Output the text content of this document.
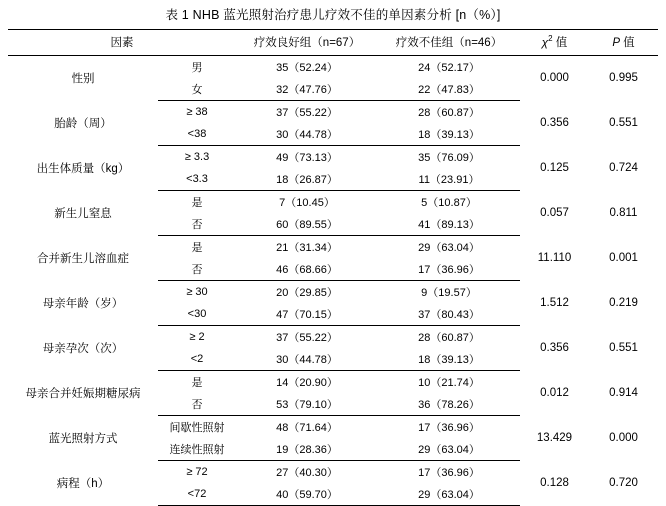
表 1 NHB 蓝光照射治疗患儿疗效不佳的单因素分析 [n（%）]
因素		疗效良好组（n=67）	疗效不佳组（n=46）	$\chi^2$ 值	P 值
性别	男	35（52.24）	24（52.17）	0.000	0.995
	女	32（47.76）	22（47.83）		
胎龄（周）	≥ 38	37（55.22）	28（60.87）	0.356	0.551
	<38	30（44.78）	18（39.13）		
出生体质量（kg）	≥ 3.3	49（73.13）	35（76.09）	0.125	0.724
	<3.3	18（26.87）	11（23.91）		
新生儿窒息	是	7（10.45）	5（10.87）	0.057	0.811
	否	60（89.55）	41（89.13）		
合并新生儿溶血症	是	21（31.34）	29（63.04）	11.110	0.001
	否	46（68.66）	17（36.96）		
母亲年龄（岁）	≥ 30	20（29.85）	9（19.57）	1.512	0.219
	<30	47（70.15）	37（80.43）		
母亲孕次（次）	≥ 2	37（55.22）	28（60.87）	0.356	0.551
	<2	30（44.78）	18（39.13）		
母亲合并妊娠期糖尿病	是	14（20.90）	10（21.74）	0.012	0.914
	否	53（79.10）	36（78.26）		
蓝光照射方式	间歇性照射	48（71.64）	17（36.96）	13.429	0.000
	连续性照射	19（28.36）	29（63.04）		
病程（h）	≥ 72	27（40.30）	17（36.96）	0.128	0.720
	<72	40（59.70）	29（63.04）		
